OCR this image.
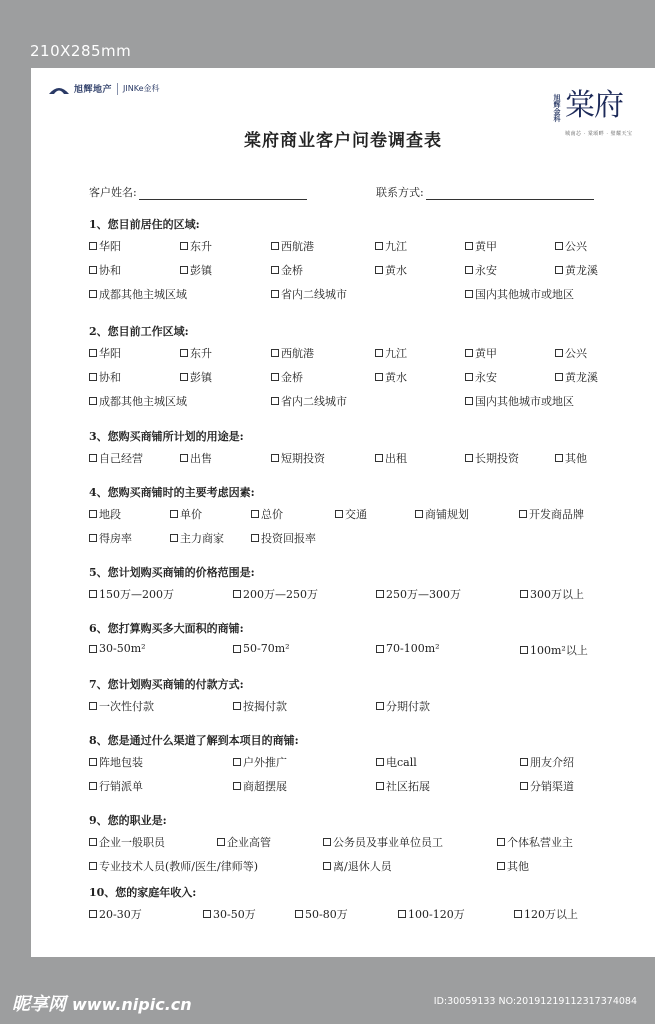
210X285mm
旭辉地产 JINKe金科
旭辉金科 棠府
城南芯 · 棠颂畔 · 璧耀天宝
棠府商业客户问卷调查表
客户姓名:	联系方式:
1、您目前居住的区域:
华阳	东升	西航港	九江	黄甲	公兴
协和	彭镇	金桥	黄水	永安	黄龙溪
成都其他主城区域	省内二线城市	国内其他城市或地区
2、您目前工作区域:
华阳	东升	西航港	九江	黄甲	公兴
协和	彭镇	金桥	黄水	永安	黄龙溪
成都其他主城区域	省内二线城市	国内其他城市或地区
3、您购买商铺所计划的用途是:
自己经营	出售	短期投资	出租	长期投资	其他
4、您购买商铺时的主要考虑因素:
地段	单价	总价	交通	商铺规划	开发商品牌
得房率	主力商家	投资回报率
5、您计划购买商铺的价格范围是:
150万—200万	200万—250万	250万—300万	300万以上
6、您打算购买多大面积的商铺:
30-50m²	50-70m²	70-100m²	100m²以上
7、您计划购买商铺的付款方式:
一次性付款	按揭付款	分期付款
8、您是通过什么渠道了解到本项目的商铺:
阵地包装	户外推广	电call	朋友介绍
行销派单	商超摆展	社区拓展	分销渠道
9、您的职业是:
企业一般职员	企业高管	公务员及事业单位员工	个体私营业主
专业技术人员(教师/医生/律师等)	离/退休人员	其他
10、您的家庭年收入:
20-30万	30-50万	50-80万	100-120万	120万以上
昵享网 www.nipic.cn	ID:30059133 NO:20191219112317374084
